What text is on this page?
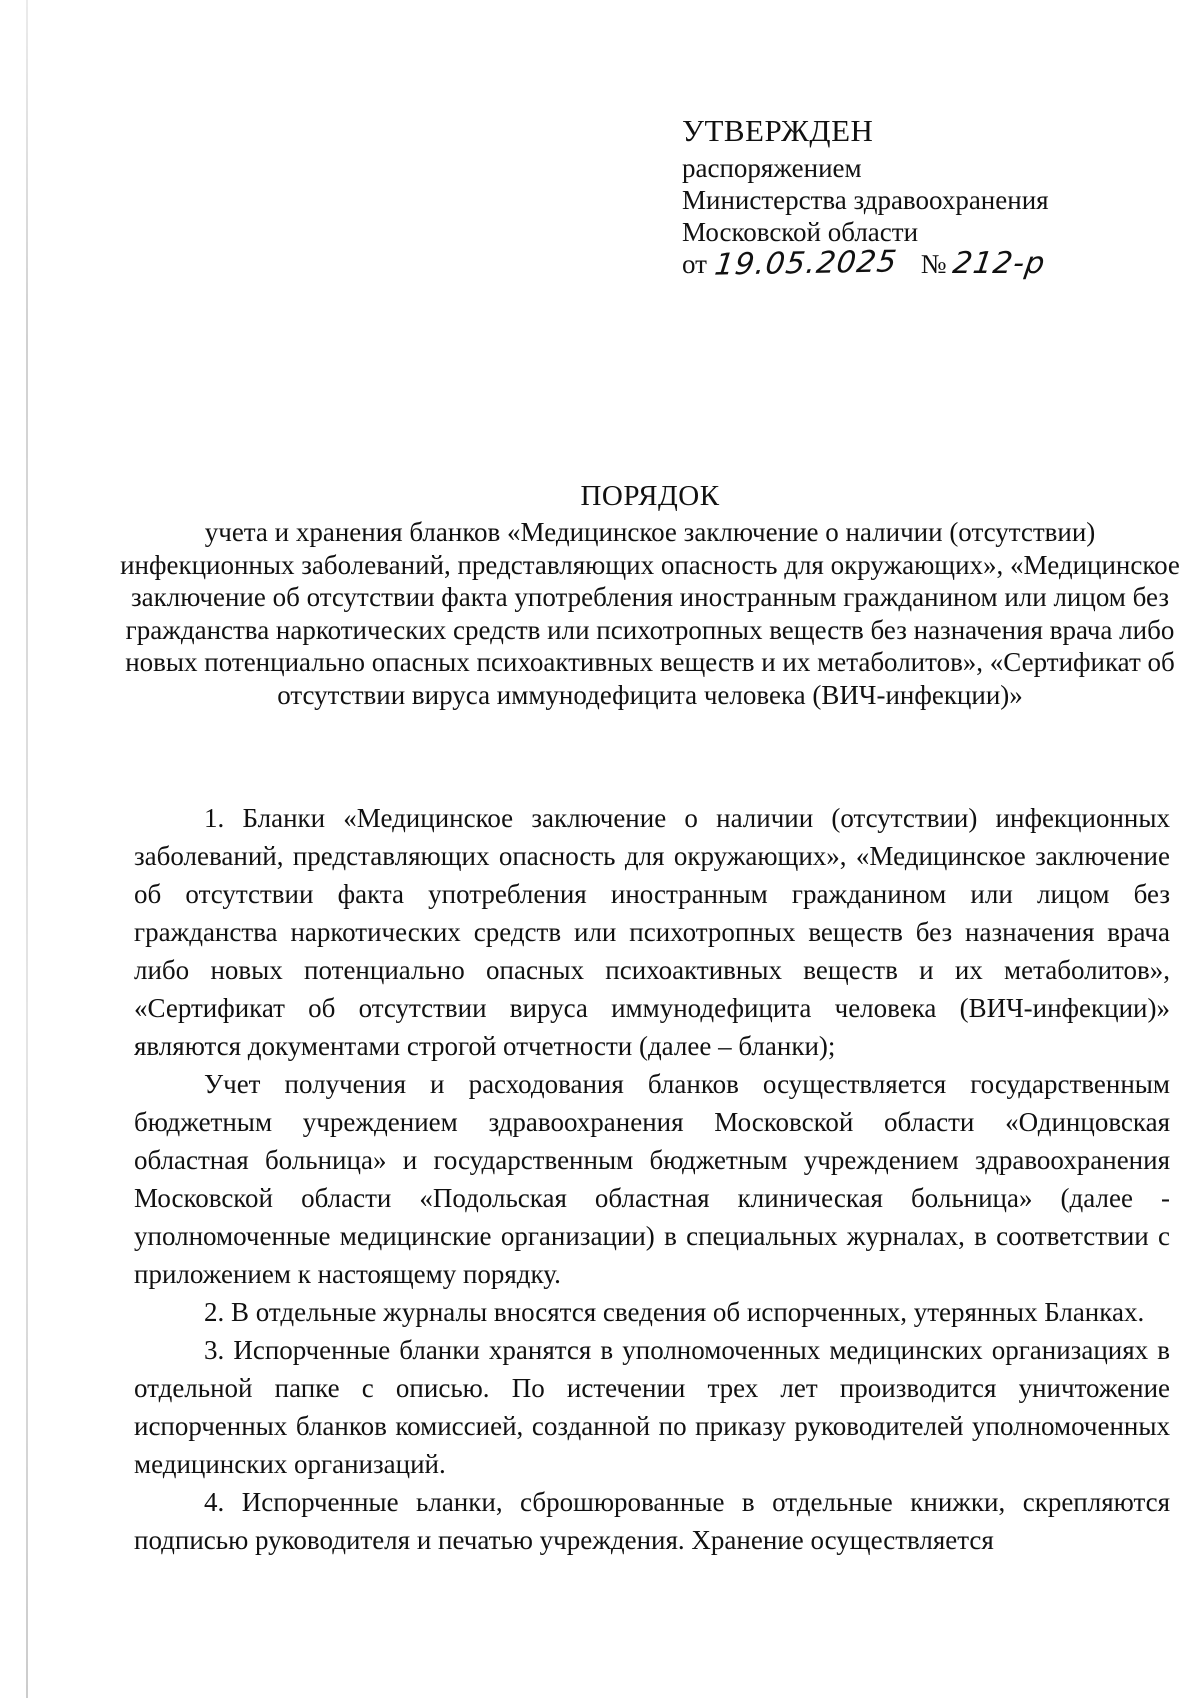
УТВЕРЖДЕН
распоряжением
Министерства здравоохранения
Московской области
от 19.05.2025 № 212-р
ПОРЯДОК
учета и хранения бланков «Медицинское заключение о наличии (отсутствии) инфекционных заболеваний, представляющих опасность для окружающих», «Медицинское заключение об отсутствии факта употребления иностранным гражданином или лицом без гражданства наркотических средств или психотропных веществ без назначения врача либо новых потенциально опасных психоактивных веществ и их метаболитов», «Сертификат об отсутствии вируса иммунодефицита человека (ВИЧ-инфекции)»

1. Бланки «Медицинское заключение о наличии (отсутствии) инфекционных заболеваний, представляющих опасность для окружающих», «Медицинское заключение об отсутствии факта употребления иностранным гражданином или лицом без гражданства наркотических средств или психотропных веществ без назначения врача либо новых потенциально опасных психоактивных веществ и их метаболитов», «Сертификат об отсутствии вируса иммунодефицита человека (ВИЧ-инфекции)» являются документами строгой отчетности (далее – бланки);

Учет получения и расходования бланков осуществляется государственным бюджетным учреждением здравоохранения Московской области «Одинцовская областная больница» и государственным бюджетным учреждением здравоохранения Московской области «Подольская областная клиническая больница» (далее - уполномоченные медицинские организации) в специальных журналах, в соответствии с приложением к настоящему порядку.

2. В отдельные журналы вносятся сведения об испорченных, утерянных Бланках.

3. Испорченные бланки хранятся в уполномоченных медицинских организациях в отдельной папке с описью. По истечении трех лет производится уничтожение испорченных бланков комиссией, созданной по приказу руководителей уполномоченных медицинских организаций.

4. Испорченные ьланки, сброшюрованные в отдельные книжки, скрепляются подписью руководителя и печатью учреждения. Хранение осуществляется
